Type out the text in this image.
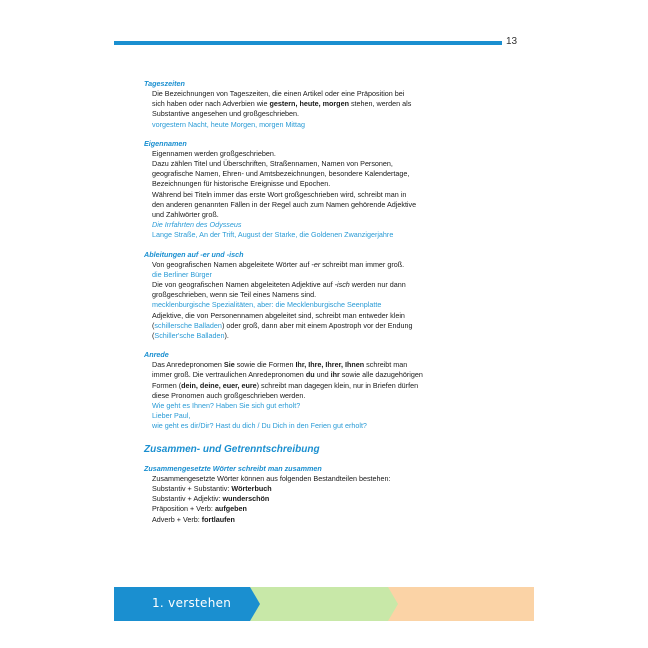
13
Tageszeiten

Die Bezeichnungen von Tageszeiten, die einen Artikel oder eine Präposition bei

sich haben oder nach Adverbien wie gestern, heute, morgen stehen, werden als

Substantive angesehen und großgeschrieben.

vorgestern Nacht, heute Morgen, morgen Mittag

Eigennamen

Eigennamen werden großgeschrieben.

Dazu zählen Titel und Überschriften, Straßennamen, Namen von Personen,

geografische Namen, Ehren- und Amtsbezeichnungen, besondere Kalendertage,

Bezeichnungen für historische Ereignisse und Epochen.

Während bei Titeln immer das erste Wort großgeschrieben wird, schreibt man in

den anderen genannten Fällen in der Regel auch zum Namen gehörende Adjektive

und Zahlwörter groß.

Die Irrfahrten des Odysseus

Lange Straße, An der Trift, August der Starke, die Goldenen Zwanzigerjahre

Ableitungen auf -er und -isch

Von geografischen Namen abgeleitete Wörter auf -er schreibt man immer groß.

die Berliner Bürger

Die von geografischen Namen abgeleiteten Adjektive auf -isch werden nur dann

großgeschrieben, wenn sie Teil eines Namens sind.

mecklenburgische Spezialitäten, aber: die Mecklenburgische Seenplatte

Adjektive, die von Personennamen abgeleitet sind, schreibt man entweder klein

(schillersche Balladen) oder groß, dann aber mit einem Apostroph vor der Endung

(Schiller'sche Balladen).

Anrede

Das Anredepronomen Sie sowie die Formen Ihr, Ihre, Ihrer, Ihnen schreibt man

immer groß. Die vertraulichen Anredepronomen du und ihr sowie alle dazugehörigen

Formen (dein, deine, euer, eure) schreibt man dagegen klein, nur in Briefen dürfen

diese Pronomen auch großgeschrieben werden.

Wie geht es Ihnen? Haben Sie sich gut erholt?

Lieber Paul,

wie geht es dir/Dir? Hast du dich / Du Dich in den Ferien gut erholt?

Zusammen- und Getrenntschreibung
Zusammengesetzte Wörter schreibt man zusammen

Zusammengesetzte Wörter können aus folgenden Bestandteilen bestehen:

Substantiv + Substantiv: Wörterbuch

Substantiv + Adjektiv: wunderschön

Präposition + Verb: aufgeben

Adverb + Verb: fortlaufen

1. verstehen
